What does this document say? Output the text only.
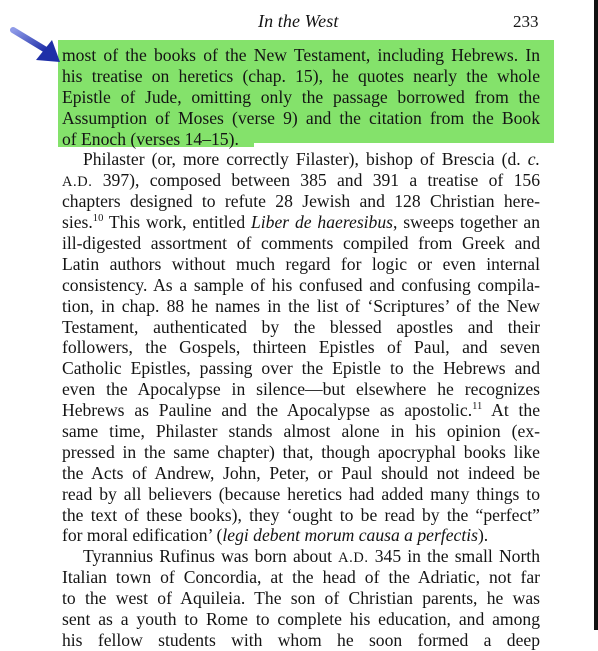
In the West	233
most of the books of the New Testament, including Hebrews. In
his treatise on heretics (chap. 15), he quotes nearly the whole
Epistle of Jude, omitting only the passage borrowed from the
Assumption of Moses (verse 9) and the citation from the Book
of Enoch (verses 14–15).
Philaster (or, more correctly Filaster), bishop of Brescia (d. c.
A.D. 397), composed between 385 and 391 a treatise of 156
chapters designed to refute 28 Jewish and 128 Christian here-
sies.$^{10}$ This work, entitled Liber de haeresibus, sweeps together an
ill-digested assortment of comments compiled from Greek and
Latin authors without much regard for logic or even internal
consistency. As a sample of his confused and confusing compila-
tion, in chap. 88 he names in the list of ‘Scriptures’ of the New
Testament, authenticated by the blessed apostles and their
followers, the Gospels, thirteen Epistles of Paul, and seven
Catholic Epistles, passing over the Epistle to the Hebrews and
even the Apocalypse in silence—but elsewhere he recognizes
Hebrews as Pauline and the Apocalypse as apostolic.$^{11}$ At the
same time, Philaster stands almost alone in his opinion (ex-
pressed in the same chapter) that, though apocryphal books like
the Acts of Andrew, John, Peter, or Paul should not indeed be
read by all believers (because heretics had added many things to
the text of these books), they ‘ought to be read by the “perfect”
for moral edification’ (legi debent morum causa a perfectis).
Tyrannius Rufinus was born about A.D. 345 in the small North
Italian town of Concordia, at the head of the Adriatic, not far
to the west of Aquileia. The son of Christian parents, he was
sent as a youth to Rome to complete his education, and among
his fellow students with whom he soon formed a deep
